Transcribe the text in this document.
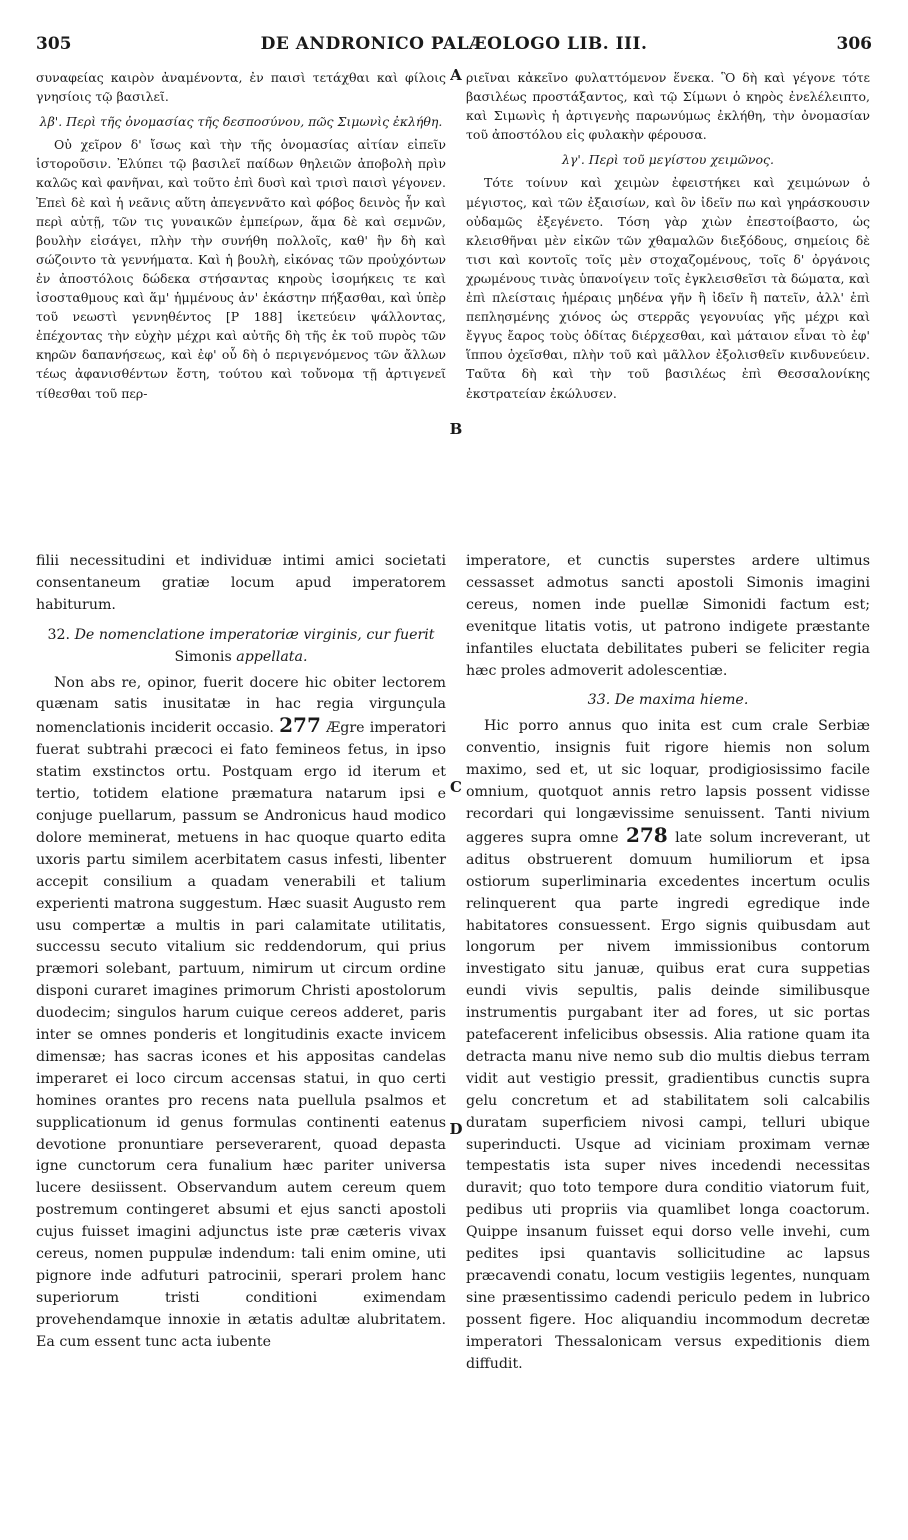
305	DE ANDRONICO PALÆOLOGO LIB. III.	306
A
B
C
D

συναφείας καιρὸν ἀναμένοντα, ἐν παισὶ τετάχθαι καὶ φίλοις γνησίοις τῷ βασιλεῖ.

λβ'. Περὶ τῆς ὀνομασίας τῆς δεσποσύνου, πῶς Σιμωνὶς ἐκλήθη.

Οὐ χεῖρον δ' ἴσως καὶ τὴν τῆς ὀνομασίας αἰτίαν εἰπεῖν ἱστοροῦσιν. Ἐλύπει τῷ βασιλεῖ παίδων θηλειῶν ἀποβολὴ πρὶν καλῶς καὶ φανῆναι, καὶ τοῦτο ἐπὶ δυσὶ καὶ τρισὶ παισὶ γέγονεν. Ἐπεὶ δὲ καὶ ἡ νεᾶνις αὕτη ἀπεγεννᾶτο καὶ φόβος δεινὸς ἦν καὶ περὶ αὐτῇ, τῶν τις γυναικῶν ἐμπείρων, ἅμα δὲ καὶ σεμνῶν, βουλὴν εἰσάγει, πλὴν τὴν συνήθη πολλοῖς, καθ' ἣν δὴ καὶ σώζοιντο τὰ γεννήματα. Καὶ ἡ βουλὴ, εἰκόνας τῶν προὐχόντων ἐν ἀποστόλοις δώδεκα στήσαντας κηροὺς ἰσομήκεις τε καὶ ἰσοσταθμους καὶ ἅμ' ἡμμένους ἀν' ἑκάστην πήξασθαι, καὶ ὑπὲρ τοῦ νεωστὶ γεννηθέντος [P 188] ἱκετεύειν ψάλλοντας, ἐπέχοντας τὴν εὐχὴν μέχρι καὶ αὐτῆς δὴ τῆς ἐκ τοῦ πυρὸς τῶν κηρῶν δαπανήσεως, καὶ ἐφ' οὗ δὴ ὁ περιγενόμενος τῶν ἄλλων τέως ἀφανισθέντων ἔστη, τούτου καὶ τοὔνομα τῇ ἀρτιγενεῖ τίθεσθαι τοῦ περ-

ριεῖναι κἀκεῖνο φυλαττόμενον ἕνεκα. Ὃ δὴ καὶ γέγονε τότε βασιλέως προστάξαντος, καὶ τῷ Σίμωνι ὁ κηρὸς ἐνελέλειπτο, καὶ Σιμωνὶς ἡ ἀρτιγενὴς παρωνύμως ἐκλήθη, τὴν ὀνομασίαν τοῦ ἀποστόλου εἰς φυλακὴν φέρουσα.

λγ'. Περὶ τοῦ μεγίστου χειμῶνος.

Τότε τοίνυν καὶ χειμὼν ἐφειστήκει καὶ χειμώνων ὁ μέγιστος, καὶ τῶν ἐξαισίων, καὶ ὃν ἰδεῖν πω καὶ γηράσκουσιν οὐδαμῶς ἐξεγένετο. Τόση γὰρ χιὼν ἐπεστοίβαστο, ὡς κλεισθῆναι μὲν εἰκῶν τῶν χθαμαλῶν διεξόδους, σημείοις δὲ τισι καὶ κοντοῖς τοῖς μὲν στοχαζομένους, τοῖς δ' ὀργάνοις χρωμένους τινὰς ὑπανοίγειν τοῖς ἐγκλεισθεῖσι τὰ δώματα, καὶ ἐπὶ πλείσταις ἡμέραις μηδένα γῆν ἢ ἰδεῖν ἢ πατεῖν, ἀλλ' ἐπὶ πεπλησμένης χιόνος ὡς στερρᾶς γεγονυίας γῆς μέχρι καὶ ἔγγυς ἔαρος τοὺς ὁδίτας διέρχεσθαι, καὶ μάταιον εἶναι τὸ ἐφ' ἵππου ὀχεῖσθαι, πλὴν τοῦ καὶ μᾶλλον ἐξολισθεῖν κινδυνεύειν. Ταῦτα δὴ καὶ τὴν τοῦ βασιλέως ἐπὶ Θεσσαλονίκης ἐκστρατείαν ἐκώλυσεν.

filii necessitudini et individuæ intimi amici societati consentaneum gratiæ locum apud imperatorem habiturum.

32. De nomenclatione imperatoriæ virginis, cur fuerit Simonis appellata.

Non abs re, opinor, fuerit docere hic obiter lectorem quænam satis inusitatæ in hac regia virgunçula nomenclationis inciderit occasio. 277 Ægre imperatori fuerat subtrahi præcoci ei fato femineos fetus, in ipso statim exstinctos ortu. Postquam ergo id iterum et tertio, totidem elatione præmatura natarum ipsi e conjuge puellarum, passum se Andronicus haud modico dolore meminerat, metuens in hac quoque quarto edita uxoris partu similem acerbitatem casus infesti, libenter accepit consilium a quadam venerabili et talium experienti matrona suggestum. Hæc suasit Augusto rem usu compertæ a multis in pari calamitate utilitatis, successu secuto vitalium sic reddendorum, qui prius præmori solebant, partuum, nimirum ut circum ordine disponi curaret imagines primorum Christi apostolorum duodecim; singulos harum cuique cereos adderet, paris inter se omnes ponderis et longitudinis exacte invicem dimensæ; has sacras icones et his appositas candelas imperaret ei loco circum accensas statui, in quo certi homines orantes pro recens nata puellula psalmos et supplicationum id genus formulas continenti eatenus devotione pronuntiare perseverarent, quoad depasta igne cunctorum cera funalium hæc pariter universa lucere desiissent. Observandum autem cereum quem postremum contingeret absumi et ejus sancti apostoli cujus fuisset imagini adjunctus iste præ cæteris vivax cereus, nomen puppulæ indendum: tali enim omine, uti pignore inde adfuturi patrocinii, sperari prolem hanc superiorum tristi conditioni eximendam provehendamque innoxie in ætatis adultæ alubritatem. Ea cum essent tunc acta iubente

imperatore, et cunctis superstes ardere ultimus cessasset admotus sancti apostoli Simonis imagini cereus, nomen inde puellæ Simonidi factum est; evenitque litatis votis, ut patrono indigete præstante infantiles eluctata debilitates puberi se feliciter regia hæc proles admoverit adolescentiæ.

33. De maxima hieme.

Hic porro annus quo inita est cum crale Serbiæ conventio, insignis fuit rigore hiemis non solum maximo, sed et, ut sic loquar, prodigiosissimo facile omnium, quotquot annis retro lapsis possent vidisse recordari qui longævissime senuissent. Tanti nivium aggeres supra omne 278 late solum increverant, ut aditus obstruerent domuum humiliorum et ipsa ostiorum superliminaria excedentes incertum oculis relinquerent qua parte ingredi egredique inde habitatores consuessent. Ergo signis quibusdam aut longorum per nivem immissionibus contorum investigato situ januæ, quibus erat cura suppetias eundi vivis sepultis, palis deinde similibusque instrumentis purgabant iter ad fores, ut sic portas patefacerent infelicibus obsessis. Alia ratione quam ita detracta manu nive nemo sub dio multis diebus terram vidit aut vestigio pressit, gradientibus cunctis supra gelu concretum et ad stabilitatem soli calcabilis duratam superficiem nivosi campi, telluri ubique superinducti. Usque ad viciniam proximam vernæ tempestatis ista super nives incedendi necessitas duravit; quo toto tempore dura conditio viatorum fuit, pedibus uti propriis via quamlibet longa coactorum. Quippe insanum fuisset equi dorso velle invehi, cum pedites ipsi quantavis sollicitudine ac lapsus præcavendi conatu, locum vestigiis legentes, nunquam sine præsentissimo cadendi periculo pedem in lubrico possent figere. Hoc aliquandiu incommodum decretæ imperatori Thessalonicam versus expeditionis diem diffudit.
